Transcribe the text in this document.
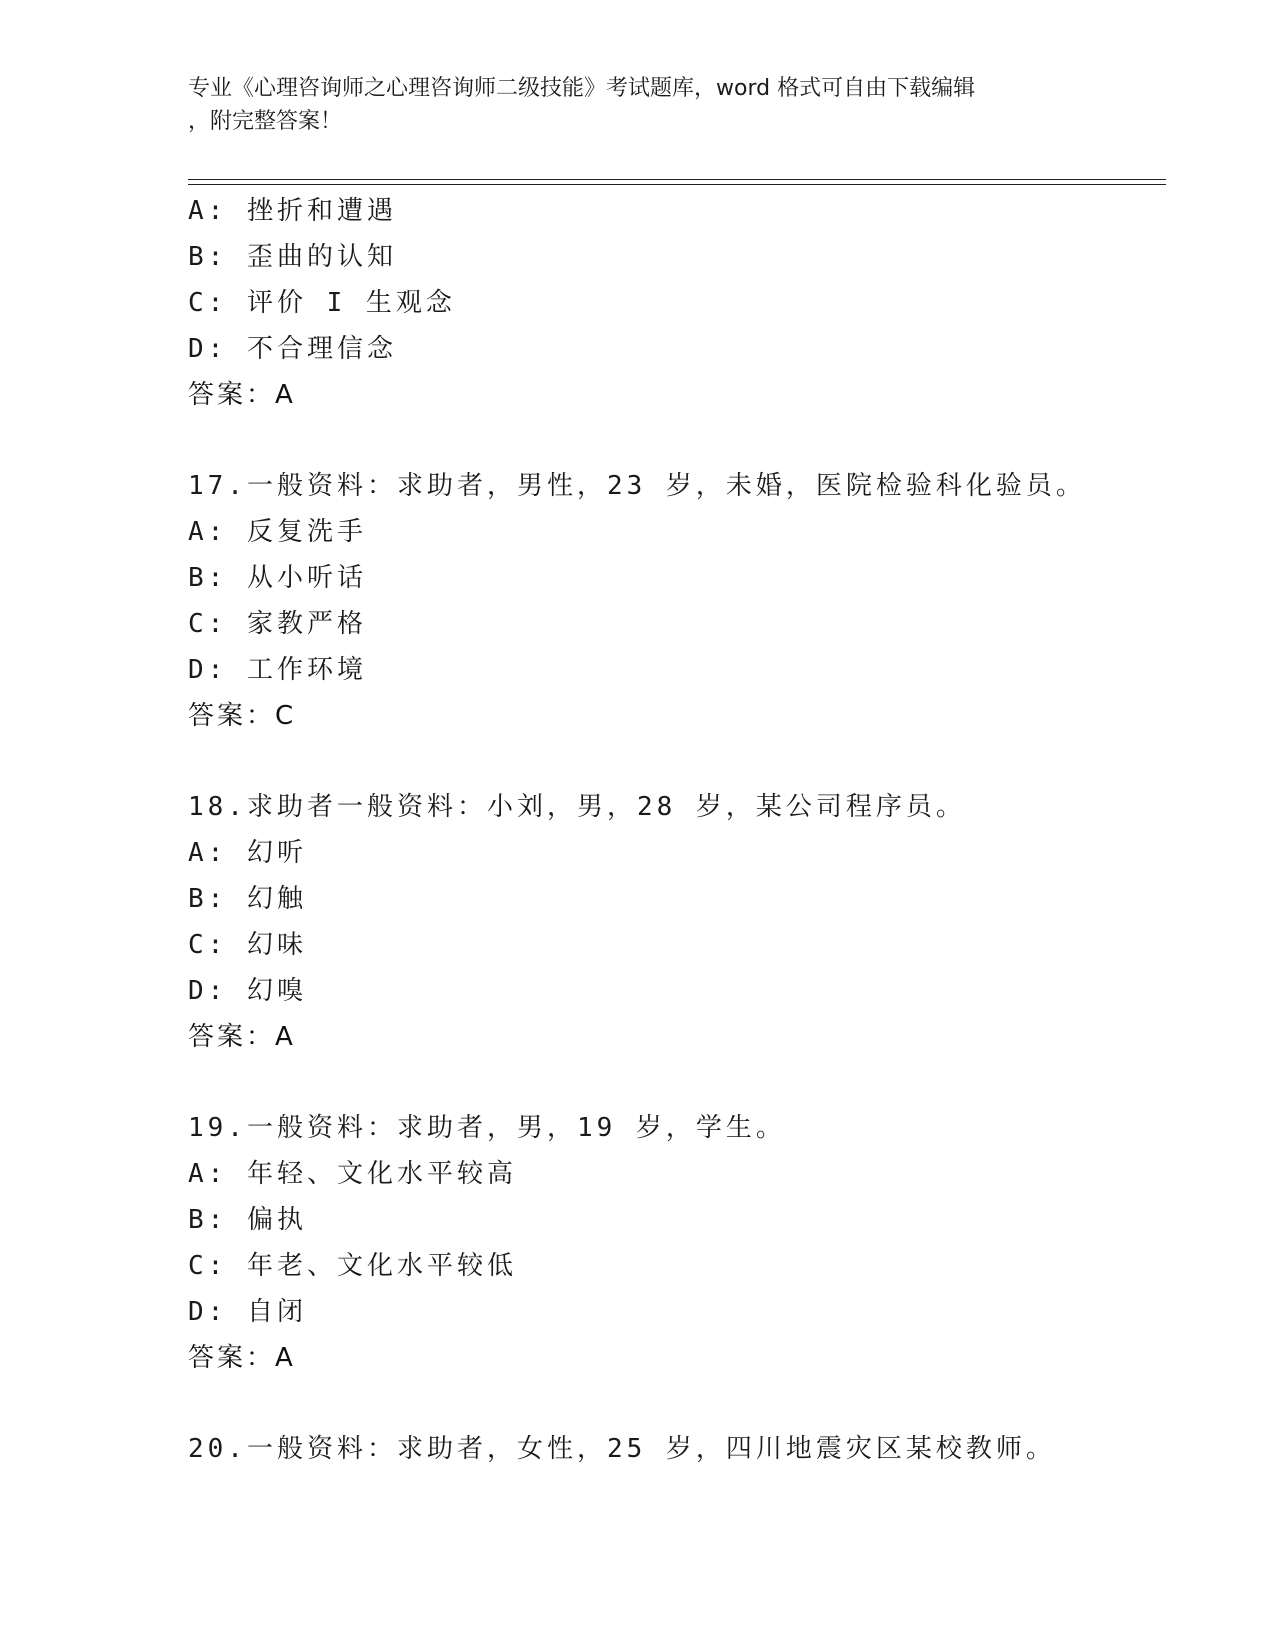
专业《心理咨询师之心理咨询师二级技能》考试题库，word 格式可自由下载编辑
，附完整答案！
A: 挫折和遭遇
B: 歪曲的认知
C: 评价 I 生观念
D: 不合理信念
答案：A
17.一般资料：求助者，男性，23 岁，未婚，医院检验科化验员。
A: 反复洗手
B: 从小听话
C: 家教严格
D: 工作环境
答案：C
18.求助者一般资料：小刘，男，28 岁，某公司程序员。
A: 幻听
B: 幻触
C: 幻味
D: 幻嗅
答案：A
19.一般资料：求助者，男，19 岁，学生。
A: 年轻、文化水平较高
B: 偏执
C: 年老、文化水平较低
D: 自闭
答案：A
20.一般资料：求助者，女性，25 岁，四川地震灾区某校教师。
